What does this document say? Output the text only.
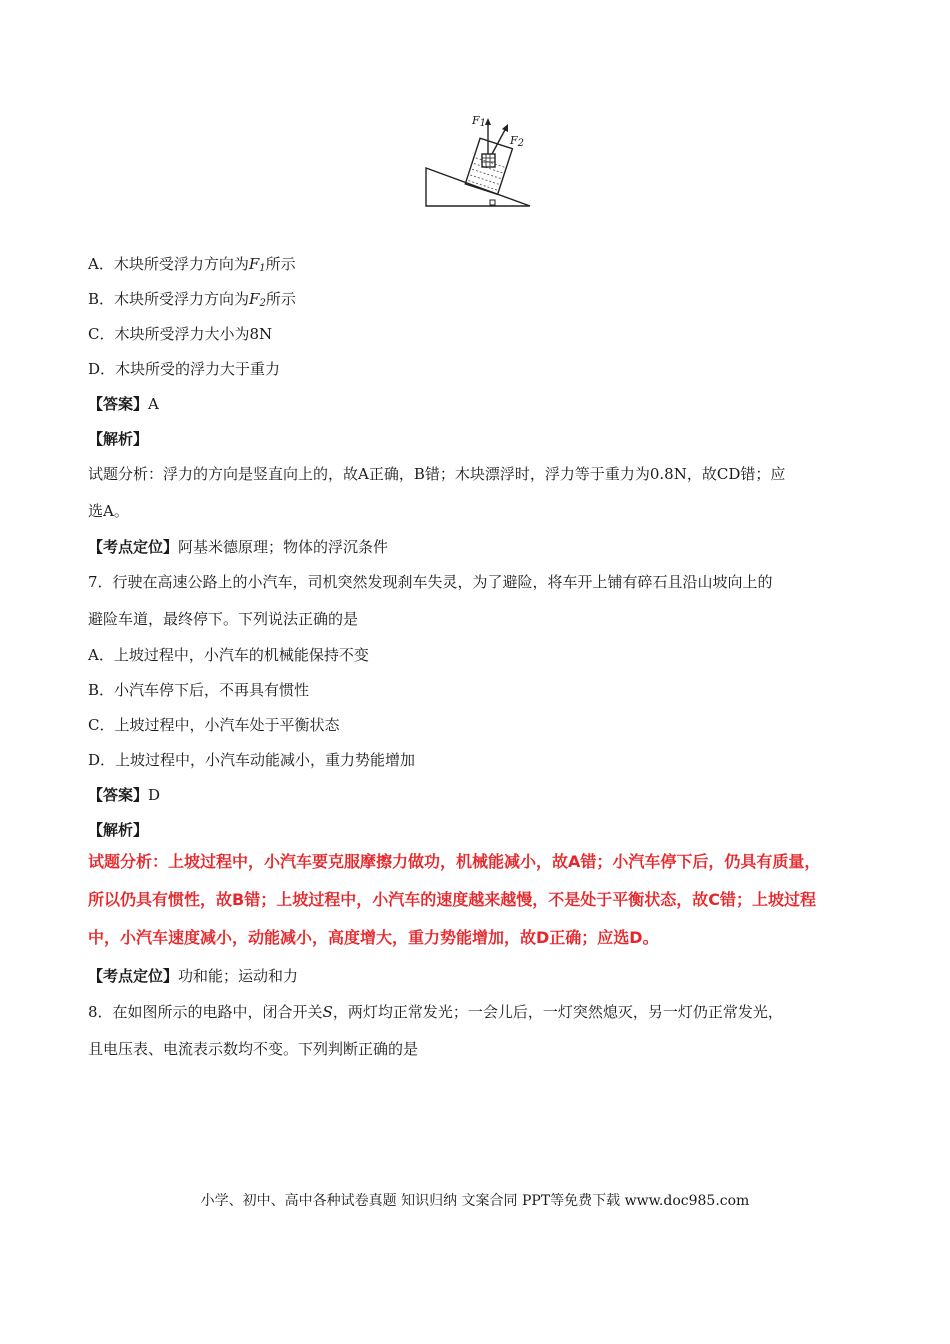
F1
F2
A．木块所受浮力方向为$F_1$所示
B．木块所受浮力方向为$F_2$所示
C．木块所受浮力大小为8N
D．木块所受的浮力大于重力
【答案】A
【解析】
试题分析：浮力的方向是竖直向上的，故A正确，B错；木块漂浮时，浮力等于重力为0.8N，故CD错；应
选A。
【考点定位】阿基米德原理；物体的浮沉条件
7．行驶在高速公路上的小汽车，司机突然发现刹车失灵，为了避险，将车开上铺有碎石且沿山坡向上的
避险车道，最终停下。下列说法正确的是
A．上坡过程中，小汽车的机械能保持不变
B．小汽车停下后，不再具有惯性
C．上坡过程中，小汽车处于平衡状态
D．上坡过程中，小汽车动能减小，重力势能增加
【答案】D
【解析】
试题分析：上坡过程中，小汽车要克服摩擦力做功，机械能减小，故A错；小汽车停下后，仍具有质量，
所以仍具有惯性，故B错；上坡过程中，小汽车的速度越来越慢，不是处于平衡状态，故C错；上坡过程
中，小汽车速度减小，动能减小，高度增大，重力势能增加，故D正确；应选D。
【考点定位】功和能；运动和力
8．在如图所示的电路中，闭合开关S，两灯均正常发光；一会儿后，一灯突然熄灭，另一灯仍正常发光，
且电压表、电流表示数均不变。下列判断正确的是
小学、初中、高中各种试卷真题 知识归纳 文案合同 PPT等免费下载 www.doc985.com
